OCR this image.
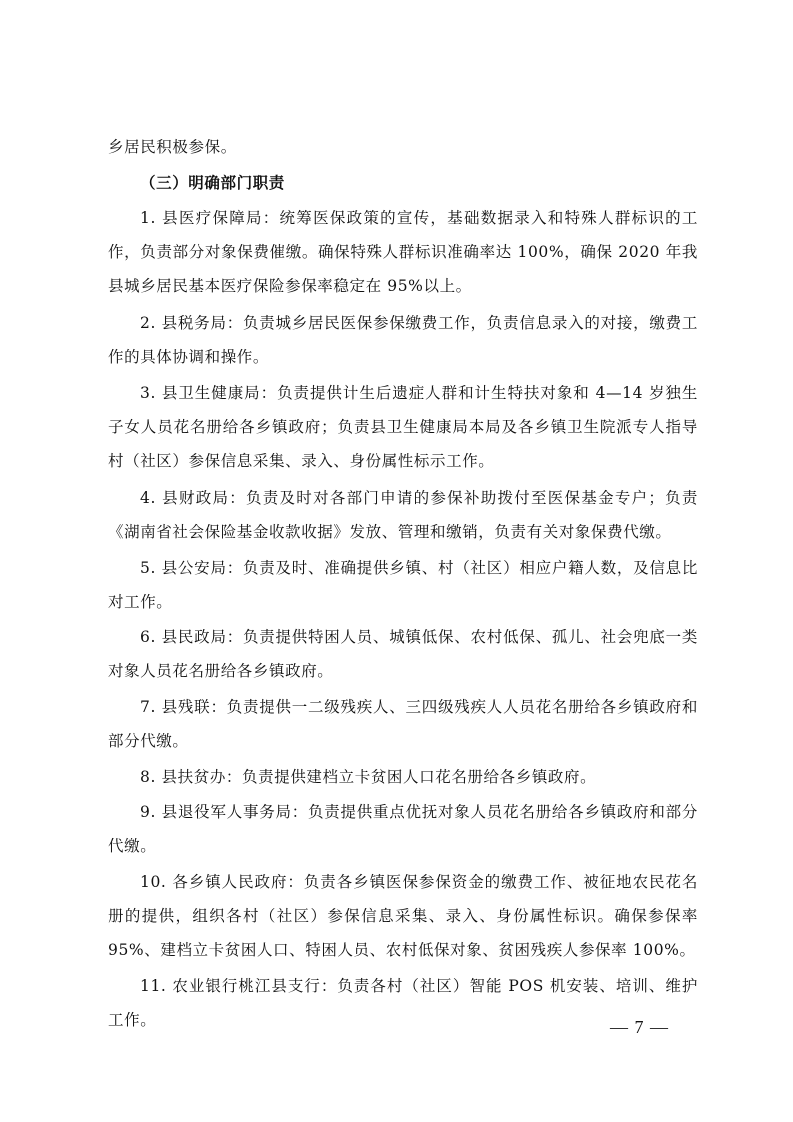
乡居民积极参保。

（三）明确部门职责

1. 县医疗保障局：统筹医保政策的宣传，基础数据录入和特殊人群标识的工作，负责部分对象保费催缴。确保特殊人群标识准确率达 100%，确保 2020 年我县城乡居民基本医疗保险参保率稳定在 95%以上。

2. 县税务局：负责城乡居民医保参保缴费工作，负责信息录入的对接，缴费工作的具体协调和操作。

3. 县卫生健康局：负责提供计生后遗症人群和计生特扶对象和 4—14 岁独生子女人员花名册给各乡镇政府；负责县卫生健康局本局及各乡镇卫生院派专人指导村（社区）参保信息采集、录入、身份属性标示工作。

4. 县财政局：负责及时对各部门申请的参保补助拨付至医保基金专户；负责《湖南省社会保险基金收款收据》发放、管理和缴销，负责有关对象保费代缴。

5. 县公安局：负责及时、准确提供乡镇、村（社区）相应户籍人数，及信息比对工作。

6. 县民政局：负责提供特困人员、城镇低保、农村低保、孤儿、社会兜底一类对象人员花名册给各乡镇政府。

7. 县残联：负责提供一二级残疾人、三四级残疾人人员花名册给各乡镇政府和部分代缴。

8. 县扶贫办：负责提供建档立卡贫困人口花名册给各乡镇政府。

9. 县退役军人事务局：负责提供重点优抚对象人员花名册给各乡镇政府和部分代缴。

10. 各乡镇人民政府：负责各乡镇医保参保资金的缴费工作、被征地农民花名册的提供，组织各村（社区）参保信息采集、录入、身份属性标识。确保参保率 95%、建档立卡贫困人口、特困人员、农村低保对象、贫困残疾人参保率 100%。

11. 农业银行桃江县支行：负责各村（社区）智能 POS 机安装、培训、维护工作。	— 7 —
